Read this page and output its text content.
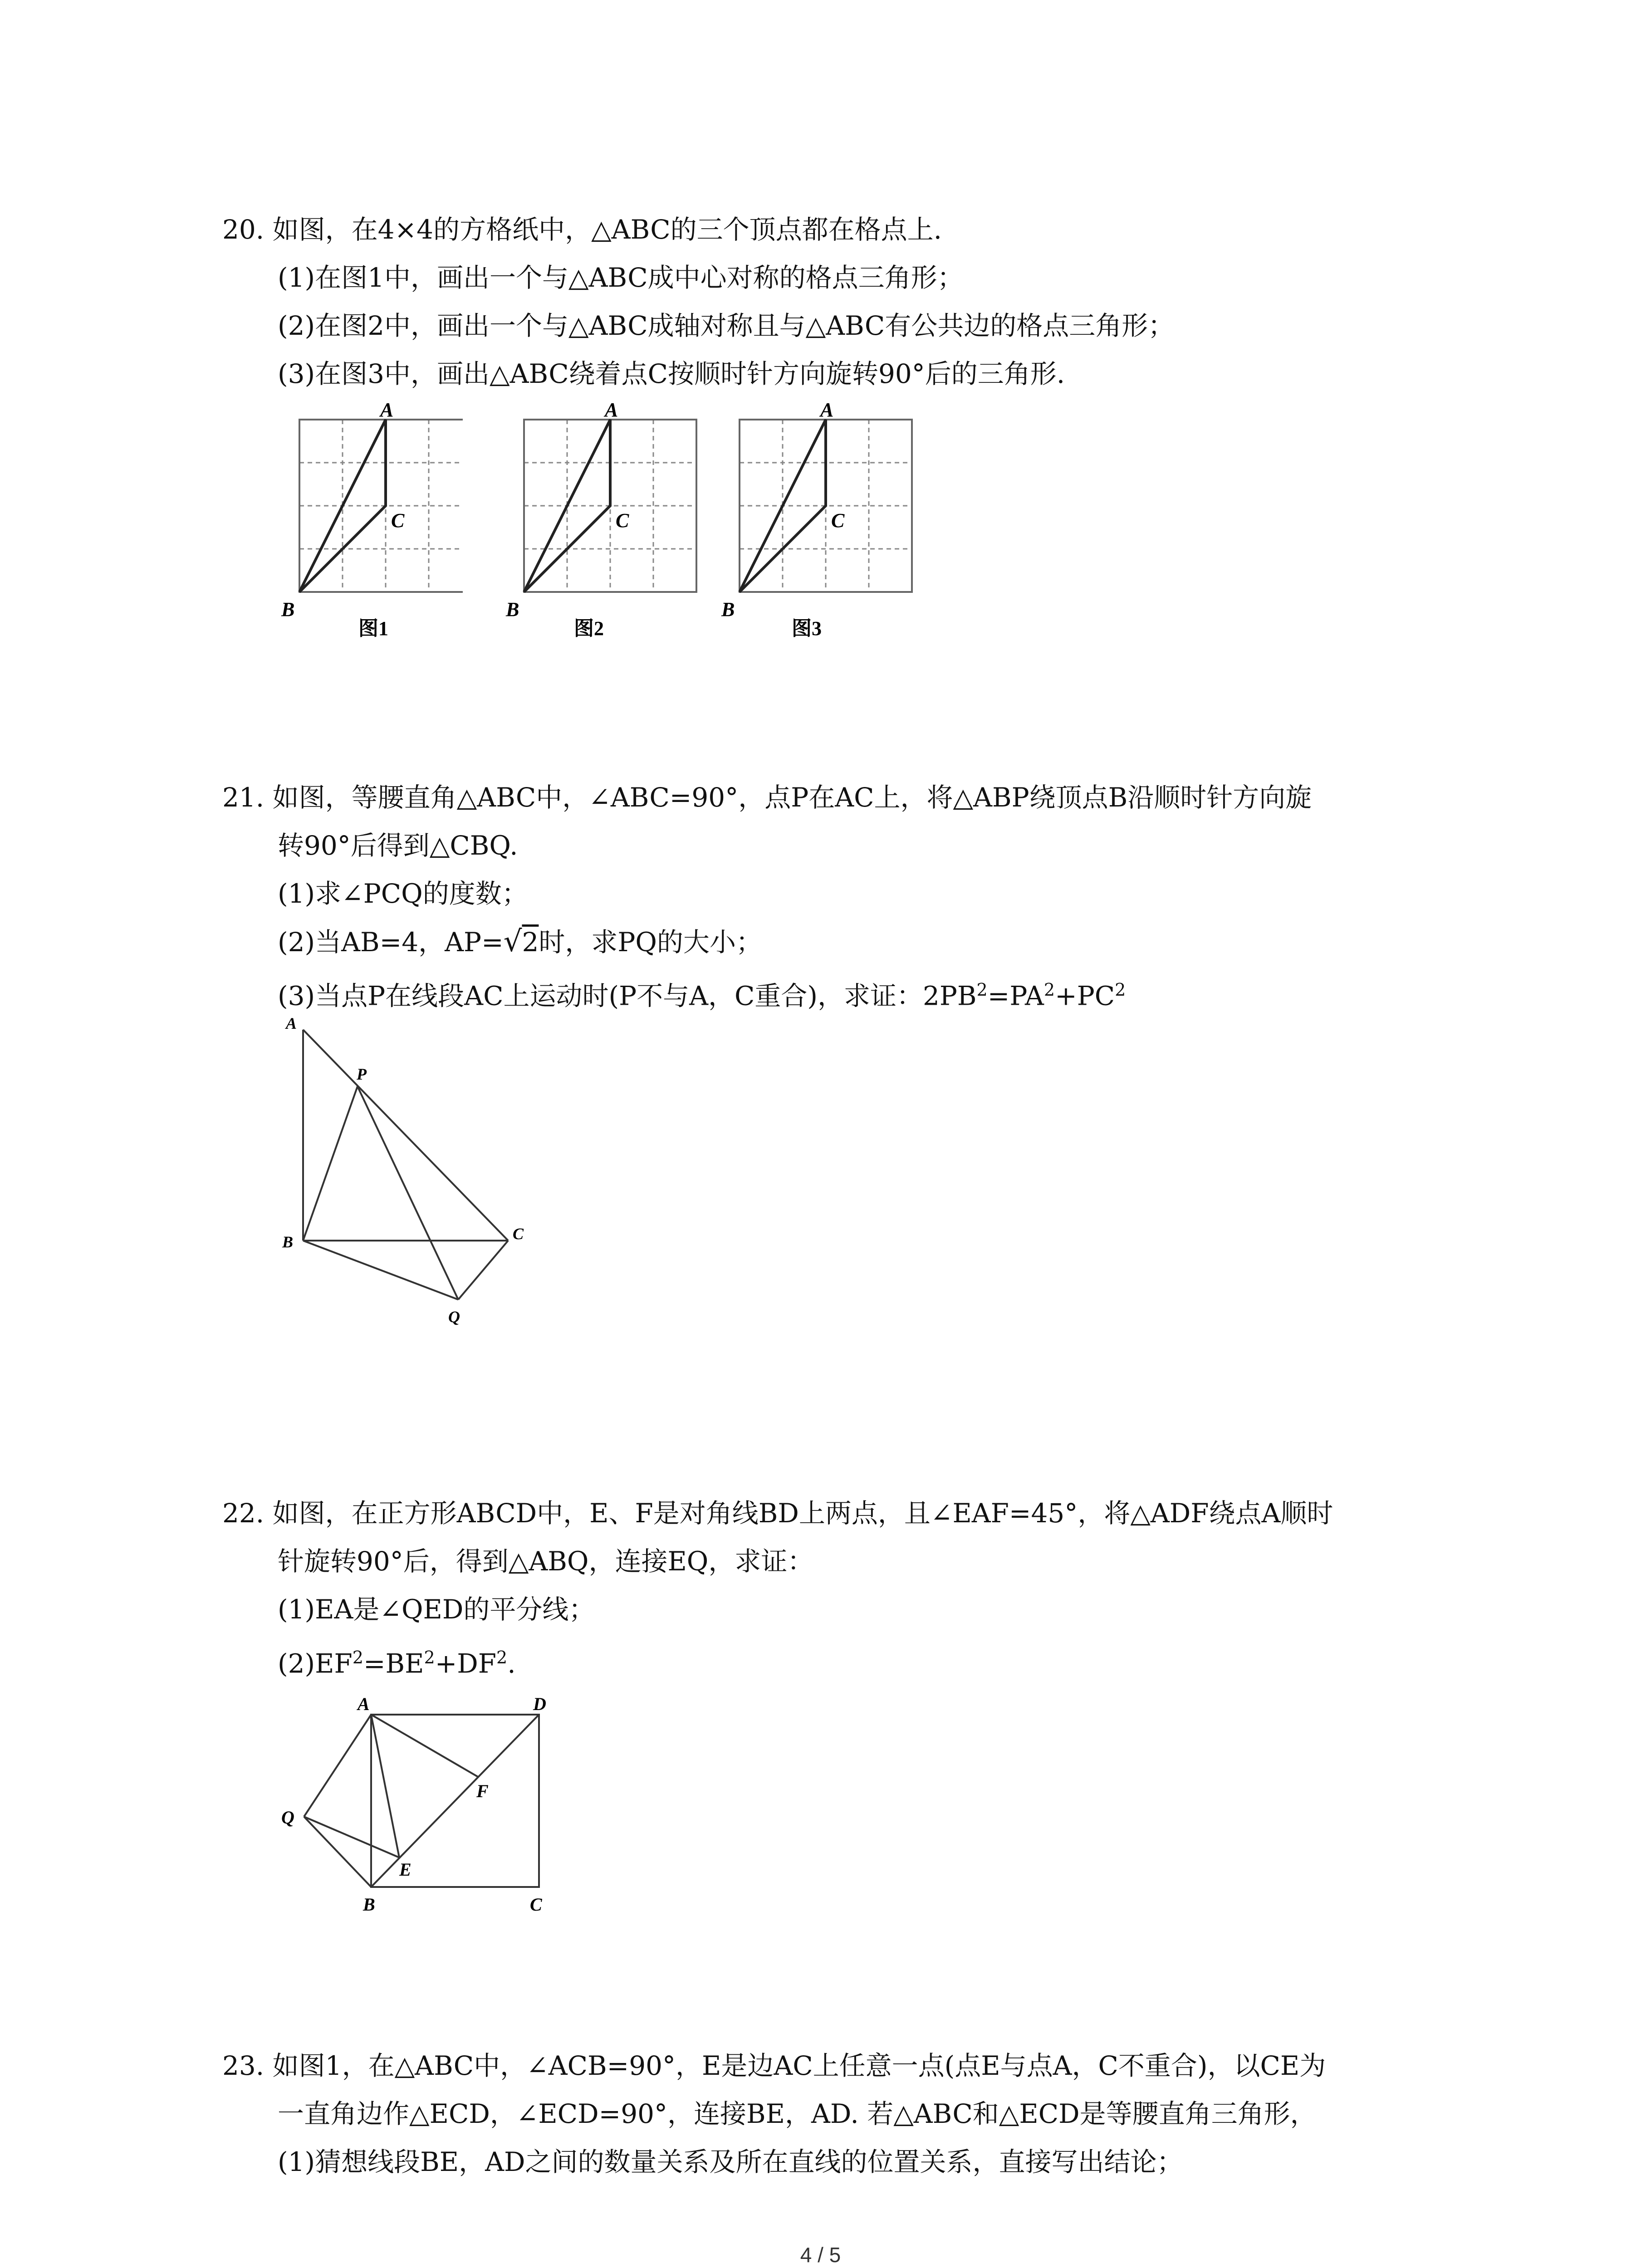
20. 如图，在4×4的方格纸中，△ABC的三个顶点都在格点上.
(1)在图1中，画出一个与△ABC成中心对称的格点三角形；
(2)在图2中，画出一个与△ABC成轴对称且与△ABC有公共边的格点三角形；
(3)在图3中，画出△ABC绕着点C按顺时针方向旋转90°后的三角形.
A
B
C
图1
A
B
C
图2
A
B
C
图3
21. 如图，等腰直角△ABC中，∠ABC=90°，点P在AC上，将△ABP绕顶点B沿顺时针方向旋
转90°后得到△CBQ.
(1)求∠PCQ的度数；
(2)当AB=4，AP=√2时，求PQ的大小；
(3)当点P在线段AC上运动时(P不与A，C重合)，求证：$2PB^2=PA^2+PC^2$
A
P
B	C
Q
22. 如图，在正方形ABCD中，E、F是对角线BD上两点，且∠EAF=45°，将△ADF绕点A顺时
针旋转90°后，得到△ABQ，连接EQ，求证：
(1)EA是∠QED的平分线；
$(2)EF^2=BE^2+DF^2$.
A	D
Q
F
E
B	C
23. 如图1，在△ABC中，∠ACB=90°，E是边AC上任意一点(点E与点A，C不重合)，以CE为
一直角边作△ECD，∠ECD=90°，连接BE，AD. 若△ABC和△ECD是等腰直角三角形，
(1)猜想线段BE，AD之间的数量关系及所在直线的位置关系，直接写出结论；
4 / 5
